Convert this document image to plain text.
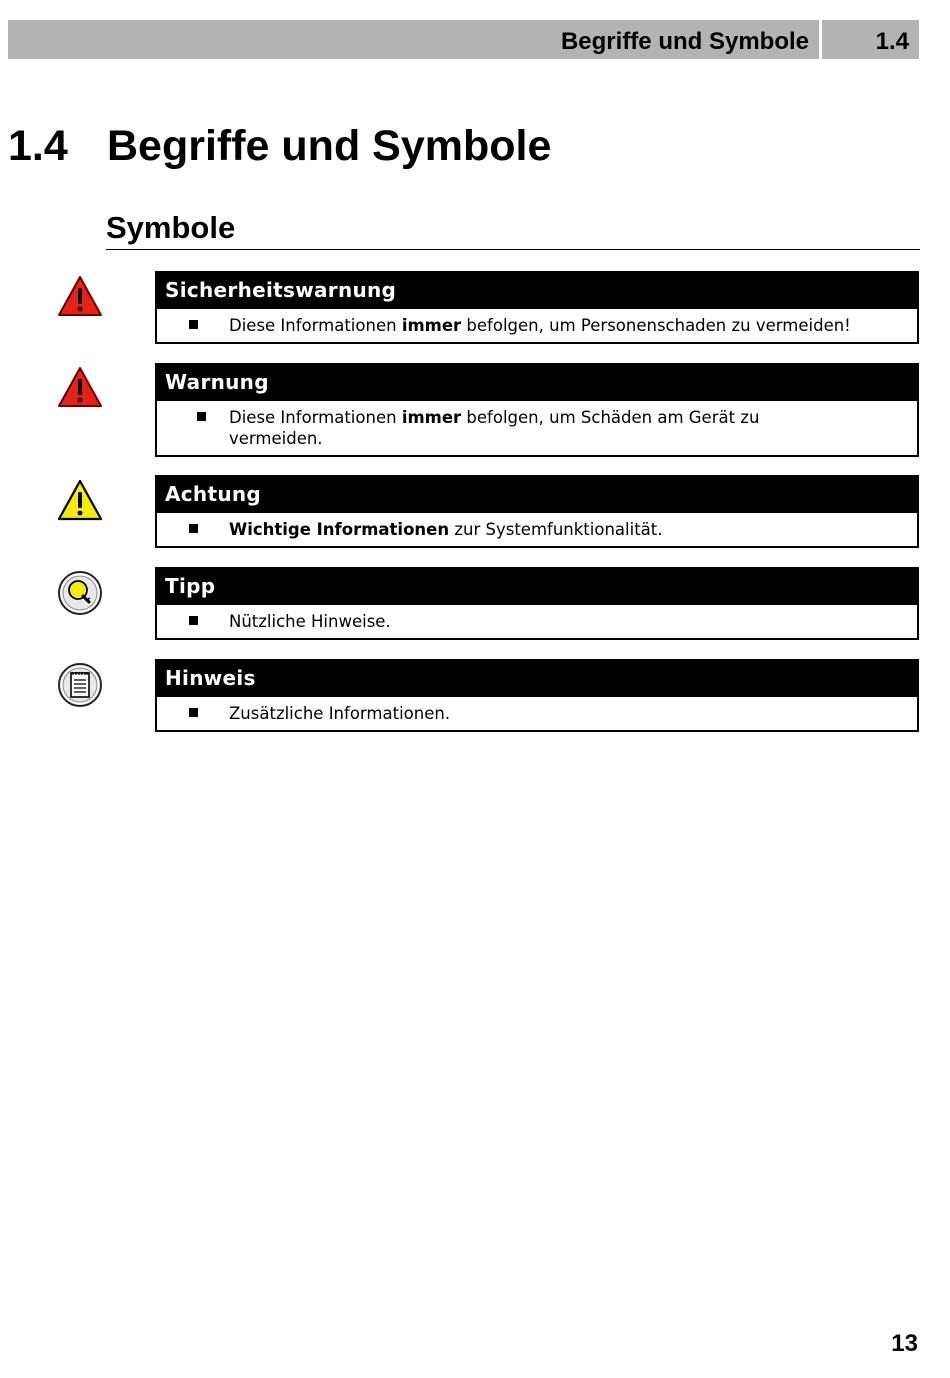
Begriffe und Symbole	1.4
1.4 Begriffe und Symbole
Symbole
Sicherheitswarnung
Diese Informationen immer befolgen, um Personenschaden zu vermeiden!
Warnung
Diese Informationen immer befolgen, um Schäden am Gerät zu vermeiden.
Achtung
Wichtige Informationen zur Systemfunktionalität.
Tipp
Nützliche Hinweise.
Hinweis
Zusätzliche Informationen.
13
